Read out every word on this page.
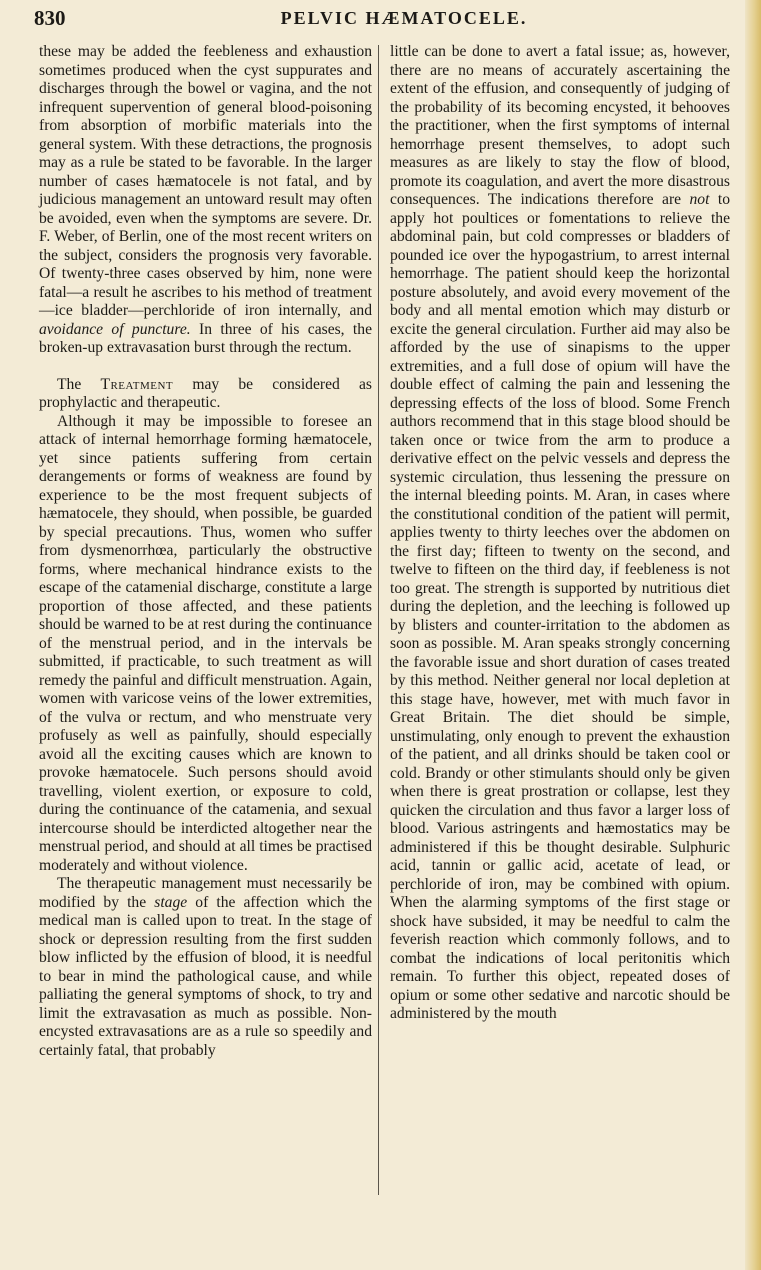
830	PELVIC HÆMATOCELE.

these may be added the feebleness and exhaustion sometimes produced when the cyst suppurates and discharges through the bowel or vagina, and the not infrequent supervention of general blood-poisoning from absorption of morbific materials into the general system. With these detractions, the prognosis may as a rule be stated to be favorable. In the larger number of cases hæmatocele is not fatal, and by judicious management an untoward result may often be avoided, even when the symptoms are severe. Dr. F. Weber, of Berlin, one of the most recent writers on the subject, considers the prognosis very favorable. Of twenty-three cases observed by him, none were fatal—a result he ascribes to his method of treatment—ice bladder—perchloride of iron internally, and avoidance of puncture. In three of his cases, the broken-up extravasation burst through the rectum.

The Treatment may be considered as prophylactic and therapeutic.

Although it may be impossible to foresee an attack of internal hemorrhage forming hæmatocele, yet since patients suffering from certain derangements or forms of weakness are found by experience to be the most frequent subjects of hæmatocele, they should, when possible, be guarded by special precautions. Thus, women who suffer from dysmenorrhœa, particularly the obstructive forms, where mechanical hindrance exists to the escape of the catamenial discharge, constitute a large proportion of those affected, and these patients should be warned to be at rest during the continuance of the menstrual period, and in the intervals be submitted, if practicable, to such treatment as will remedy the painful and difficult menstruation. Again, women with varicose veins of the lower extremities, of the vulva or rectum, and who menstruate very profusely as well as painfully, should especially avoid all the exciting causes which are known to provoke hæmatocele. Such persons should avoid travelling, violent exertion, or exposure to cold, during the continuance of the catamenia, and sexual intercourse should be interdicted altogether near the menstrual period, and should at all times be practised moderately and without violence.

The therapeutic management must necessarily be modified by the stage of the affection which the medical man is called upon to treat. In the stage of shock or depression resulting from the first sudden blow inflicted by the effusion of blood, it is needful to bear in mind the pathological cause, and while palliating the general symptoms of shock, to try and limit the extravasation as much as possible. Non-encysted extravasations are as a rule so speedily and certainly fatal, that probably

little can be done to avert a fatal issue; as, however, there are no means of accurately ascertaining the extent of the effusion, and consequently of judging of the probability of its becoming encysted, it behooves the practitioner, when the first symptoms of internal hemorrhage present themselves, to adopt such measures as are likely to stay the flow of blood, promote its coagulation, and avert the more disastrous consequences. The indications therefore are not to apply hot poultices or fomentations to relieve the abdominal pain, but cold compresses or bladders of pounded ice over the hypogastrium, to arrest internal hemorrhage. The patient should keep the horizontal posture absolutely, and avoid every movement of the body and all mental emotion which may disturb or excite the general circulation. Further aid may also be afforded by the use of sinapisms to the upper extremities, and a full dose of opium will have the double effect of calming the pain and lessening the depressing effects of the loss of blood. Some French authors recommend that in this stage blood should be taken once or twice from the arm to produce a derivative effect on the pelvic vessels and depress the systemic circulation, thus lessening the pressure on the internal bleeding points. M. Aran, in cases where the constitutional condition of the patient will permit, applies twenty to thirty leeches over the abdomen on the first day; fifteen to twenty on the second, and twelve to fifteen on the third day, if feebleness is not too great. The strength is supported by nutritious diet during the depletion, and the leeching is followed up by blisters and counter-irritation to the abdomen as soon as possible. M. Aran speaks strongly concerning the favorable issue and short duration of cases treated by this method. Neither general nor local depletion at this stage have, however, met with much favor in Great Britain. The diet should be simple, unstimulating, only enough to prevent the exhaustion of the patient, and all drinks should be taken cool or cold. Brandy or other stimulants should only be given when there is great prostration or collapse, lest they quicken the circulation and thus favor a larger loss of blood. Various astringents and hæmostatics may be administered if this be thought desirable. Sulphuric acid, tannin or gallic acid, acetate of lead, or perchloride of iron, may be combined with opium. When the alarming symptoms of the first stage or shock have subsided, it may be needful to calm the feverish reaction which commonly follows, and to combat the indications of local peritonitis which remain. To further this object, repeated doses of opium or some other sedative and narcotic should be administered by the mouth
